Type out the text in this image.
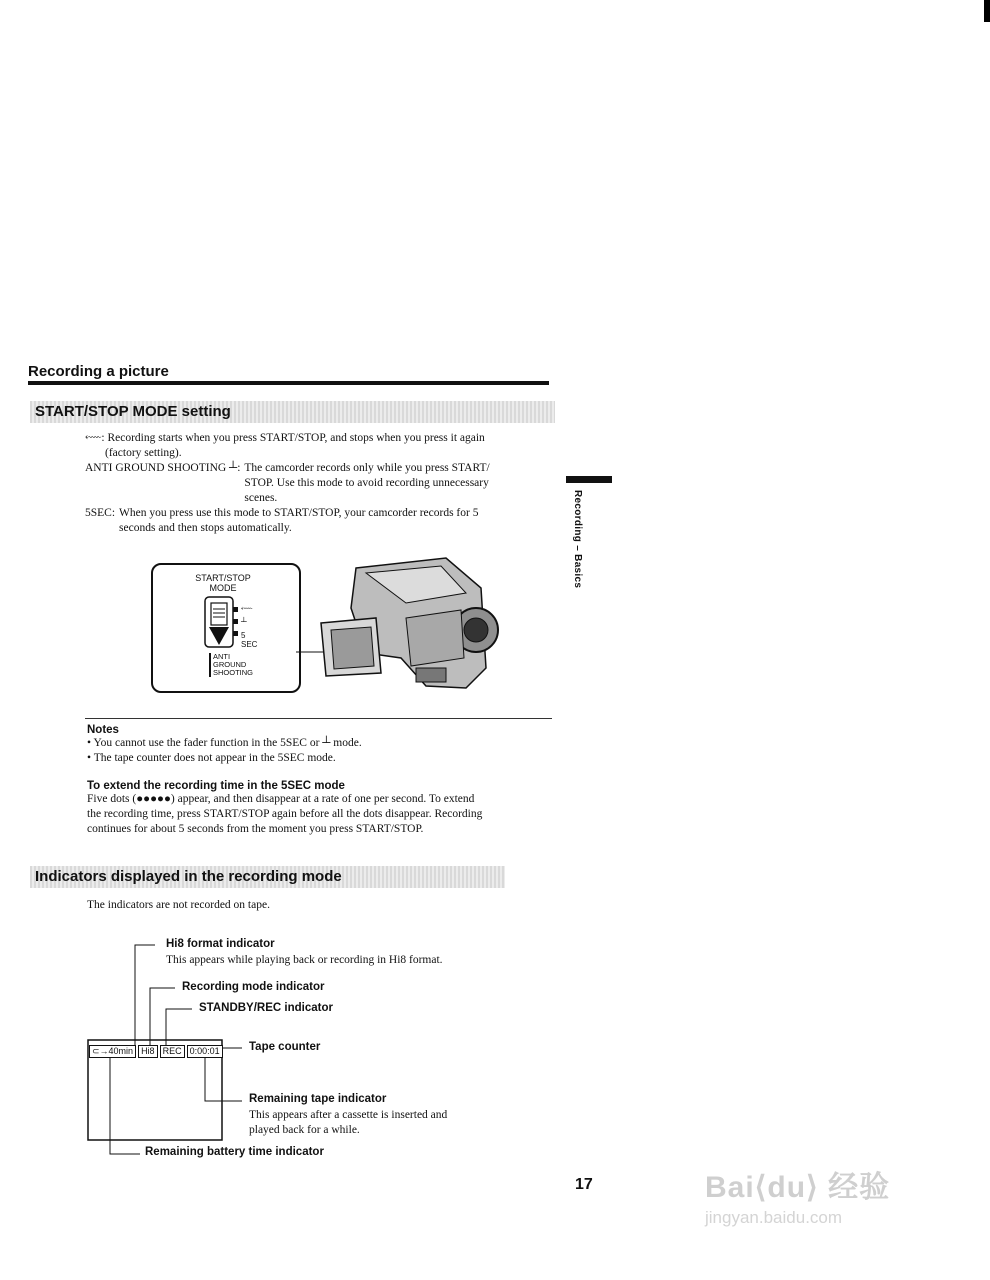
Recording a picture
START/STOP MODE setting
⬳: Recording starts when you press START/STOP, and stops when you press it again
(factory setting).
ANTI GROUND SHOOTING ┴: The camcorder records only while you press START/
STOP. Use this mode to avoid recording unnecessary
scenes.
5SEC: When you press use this mode to START/STOP, your camcorder records for 5
seconds and then stops automatically.	Recording – Basics
START/STOP
MODE
⬳
┴
5
SEC
ANTI
GROUND
SHOOTING
Notes
• You cannot use the fader function in the 5SEC or ┴ mode.
• The tape counter does not appear in the 5SEC mode.
To extend the recording time in the 5SEC mode
Five dots (●●●●●) appear, and then disappear at a rate of one per second. To extend
the recording time, press START/STOP again before all the dots disappear. Recording
continues for about 5 seconds from the moment you press START/STOP.
Indicators displayed in the recording mode
The indicators are not recorded on tape.
⊂→40min Hi8 REC 0:00:01
Hi8 format indicator
This appears while playing back or recording in Hi8 format.
Recording mode indicator
STANDBY/REC indicator
Tape counter
Remaining tape indicator
This appears after a cassette is inserted and
played back for a while.
Remaining battery time indicator
17	Bai⟨du⟩ 经验
jingyan.baidu.com
